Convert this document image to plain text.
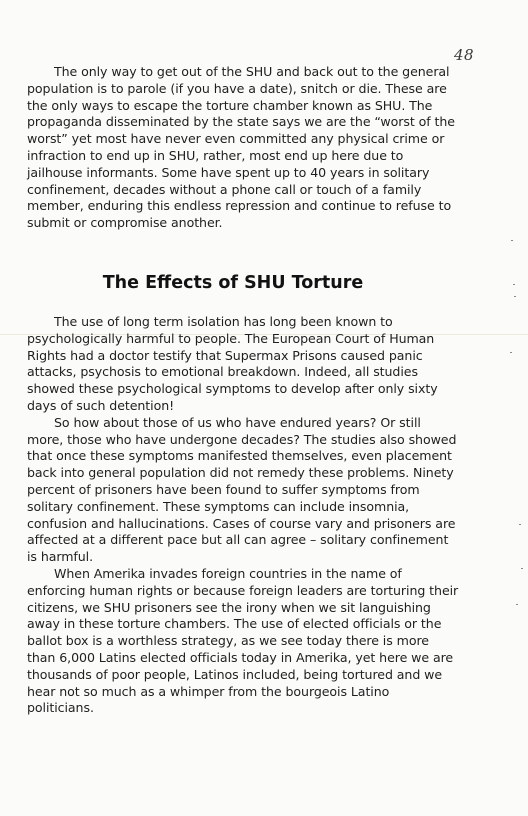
48

The only way to get out of the SHU and back out to the general population is to parole (if you have a date), snitch or die. These are the only ways to escape the torture chamber known as SHU. The propaganda disseminated by the state says we are the “worst of the worst” yet most have never even committed any physical crime or infraction to end up in SHU, rather, most end up here due to jailhouse informants. Some have spent up to 40 years in solitary confinement, decades without a phone call or touch of a family member, enduring this endless repression and continue to refuse to submit or compromise another.

The Effects of SHU Torture

The use of long term isolation has long been known to psychologically harmful to people. The European Court of Human Rights had a doctor testify that Supermax Prisons caused panic attacks, psychosis to emotional breakdown. Indeed, all studies showed these psychological symptoms to develop after only sixty days of such detention!

So how about those of us who have endured years? Or still more, those who have undergone decades? The studies also showed that once these symptoms manifested themselves, even placement back into general population did not remedy these problems. Ninety percent of prisoners have been found to suffer symptoms from solitary confinement. These symptoms can include insomnia, confusion and hallucinations. Cases of course vary and prisoners are affected at a different pace but all can agree – solitary confinement is harmful.

When Amerika invades foreign countries in the name of enforcing human rights or because foreign leaders are torturing their citizens, we SHU prisoners see the irony when we sit languishing away in these torture chambers. The use of elected officials or the ballot box is a worthless strategy, as we see today there is more than 6,000 Latins elected officials today in Amerika, yet here we are thousands of poor people, Latinos included, being tortured and we hear not so much as a whimper from the bourgeois Latino politicians.
